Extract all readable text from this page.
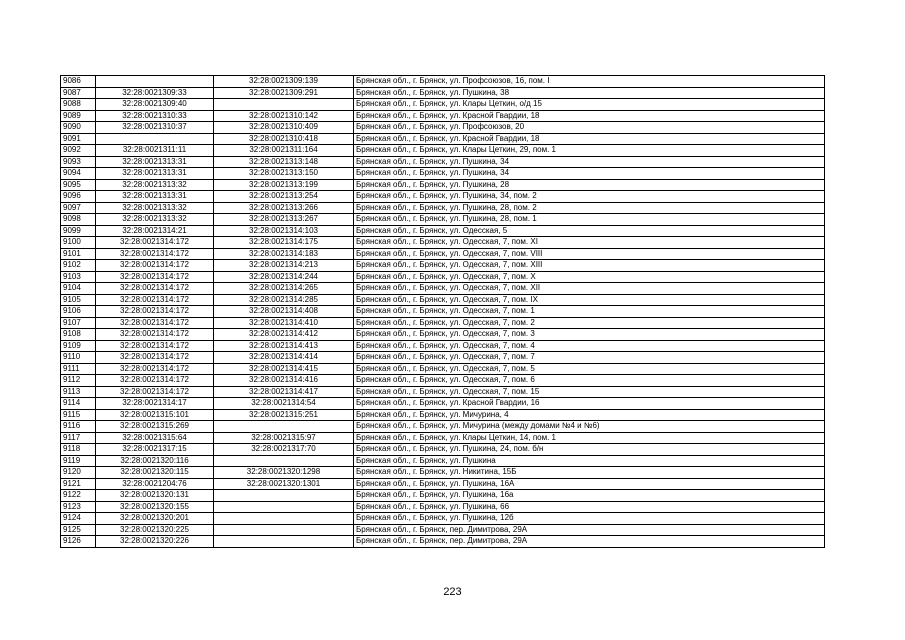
9086		32:28:0021309:139	Брянская обл., г. Брянск, ул. Профсоюзов, 16, пом. I
9087	32:28:0021309:33	32:28:0021309:291	Брянская обл., г. Брянск, ул. Пушкина, 38
9088	32:28:0021309:40		Брянская обл., г. Брянск, ул. Клары Цеткин, о/д 15
9089	32:28:0021310:33	32:28:0021310:142	Брянская обл., г. Брянск, ул. Красной Гвардии, 18
9090	32:28:0021310:37	32:28:0021310:409	Брянская обл., г. Брянск, ул. Профсоюзов, 20
9091		32:28:0021310:418	Брянская обл., г. Брянск, ул. Красной Гвардии, 18
9092	32:28:0021311:11	32:28:0021311:164	Брянская обл., г. Брянск, ул. Клары Цеткин, 29, пом. 1
9093	32:28:0021313:31	32:28:0021313:148	Брянская обл., г. Брянск, ул. Пушкина, 34
9094	32:28:0021313:31	32:28:0021313:150	Брянская обл., г. Брянск, ул. Пушкина, 34
9095	32:28:0021313:32	32:28:0021313:199	Брянская обл., г. Брянск, ул. Пушкина, 28
9096	32:28:0021313:31	32:28:0021313:254	Брянская обл., г. Брянск, ул. Пушкина, 34, пом. 2
9097	32:28:0021313:32	32:28:0021313:266	Брянская обл., г. Брянск, ул. Пушкина, 28, пом. 2
9098	32:28:0021313:32	32:28:0021313:267	Брянская обл., г. Брянск, ул. Пушкина, 28, пом. 1
9099	32:28:0021314:21	32:28:0021314:103	Брянская обл., г. Брянск, ул. Одесская, 5
9100	32:28:0021314:172	32:28:0021314:175	Брянская обл., г. Брянск, ул. Одесская, 7, пом. XI
9101	32:28:0021314:172	32:28:0021314:183	Брянская обл., г. Брянск, ул. Одесская, 7, пом. VIII
9102	32:28:0021314:172	32:28:0021314:213	Брянская обл., г. Брянск, ул. Одесская, 7, пом. XIII
9103	32:28:0021314:172	32:28:0021314:244	Брянская обл., г. Брянск, ул. Одесская, 7, пом. X
9104	32:28:0021314:172	32:28:0021314:265	Брянская обл., г. Брянск, ул. Одесская, 7, пом. XII
9105	32:28:0021314:172	32:28:0021314:285	Брянская обл., г. Брянск, ул. Одесская, 7, пом. IX
9106	32:28:0021314:172	32:28:0021314:408	Брянская обл., г. Брянск, ул. Одесская, 7, пом. 1
9107	32:28:0021314:172	32:28:0021314:410	Брянская обл., г. Брянск, ул. Одесская, 7, пом. 2
9108	32:28:0021314:172	32:28:0021314:412	Брянская обл., г. Брянск, ул. Одесская, 7, пом. 3
9109	32:28:0021314:172	32:28:0021314:413	Брянская обл., г. Брянск, ул. Одесская, 7, пом. 4
9110	32:28:0021314:172	32:28:0021314:414	Брянская обл., г. Брянск, ул. Одесская, 7, пом. 7
9111	32:28:0021314:172	32:28:0021314:415	Брянская обл., г. Брянск, ул. Одесская, 7, пом. 5
9112	32:28:0021314:172	32:28:0021314:416	Брянская обл., г. Брянск, ул. Одесская, 7, пом. 6
9113	32:28:0021314:172	32:28:0021314:417	Брянская обл., г. Брянск, ул. Одесская, 7, пом. 15
9114	32:28:0021314:17	32:28:0021314:54	Брянская обл., г. Брянск, ул. Красной Гвардии, 16
9115	32:28:0021315:101	32:28:0021315:251	Брянская обл., г. Брянск, ул. Мичурина, 4
9116	32:28:0021315:269		Брянская обл., г. Брянск, ул. Мичурина (между домами №4 и №6)
9117	32:28:0021315:64	32:28:0021315:97	Брянская обл., г. Брянск, ул. Клары Цеткин, 14, пом. 1
9118	32:28:0021317:15	32:28:0021317:70	Брянская обл., г. Брянск, ул. Пушкина, 24, пом. б/н
9119	32:28:0021320:116		Брянская обл., г. Брянск, ул. Пушкина
9120	32:28:0021320:115	32:28:0021320:1298	Брянская обл., г. Брянск, ул. Никитина, 15Б
9121	32:28:0021204:76	32:28:0021320:1301	Брянская обл., г. Брянск, ул. Пушкина, 16А
9122	32:28:0021320:131		Брянская обл., г. Брянск, ул. Пушкина, 16а
9123	32:28:0021320:155		Брянская обл., г. Брянск, ул. Пушкина, 66
9124	32:28:0021320:201		Брянская обл., г. Брянск, ул. Пушкина, 12б
9125	32:28:0021320:225		Брянская обл., г. Брянск, пер. Димитрова, 29А
9126	32:28:0021320:226		Брянская обл., г. Брянск, пер. Димитрова, 29А
223
